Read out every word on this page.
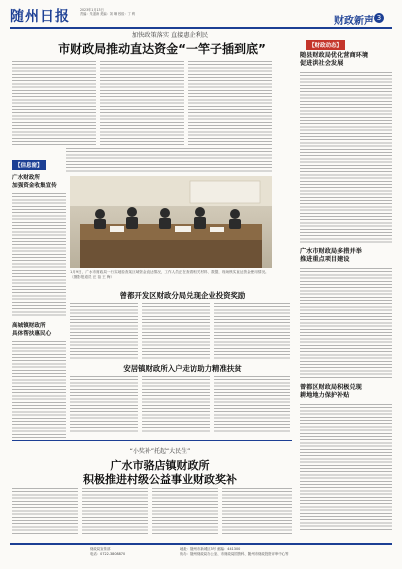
随州日报	2023年1月13日
责编：朱道涛 美编：刘 琳 校检：丁 利
财政新声 3
加快政策落实 直接惠企利民
市财政局推动直达资金“一竿子插到底”	【财政动态】
随县财政局优化营商环境
促进洪社会发展
广水市财政局多措并举
推进重点项目建设
曾都区财政局积极兑现
耕地地力保护补贴
【信息窗】
广水财政所
加强资金收集宣传
高城镇财政所
具体帮扶惠民心
1月9日，广水市财政局一行实地检查某区域资金直达情况，工作人员正在查看相关材料、数据，现场核实直达资金使用情况。（摄影报道员 汪 蓓 王 梅）
曾都开发区财政分局兑现企业投资奖励
安居镇财政所入户走访助力精准扶贫
“小奖补”托起“大民生”
广水市骆店镇财政所
积极推进村级公益事业财政奖补
财政局宣传部
电话：0722-3808870
地址：随州市新城区3号 邮编：441300
协办：随州财政局办公室、市财政局国资科、随州市财政投资评审中心等
